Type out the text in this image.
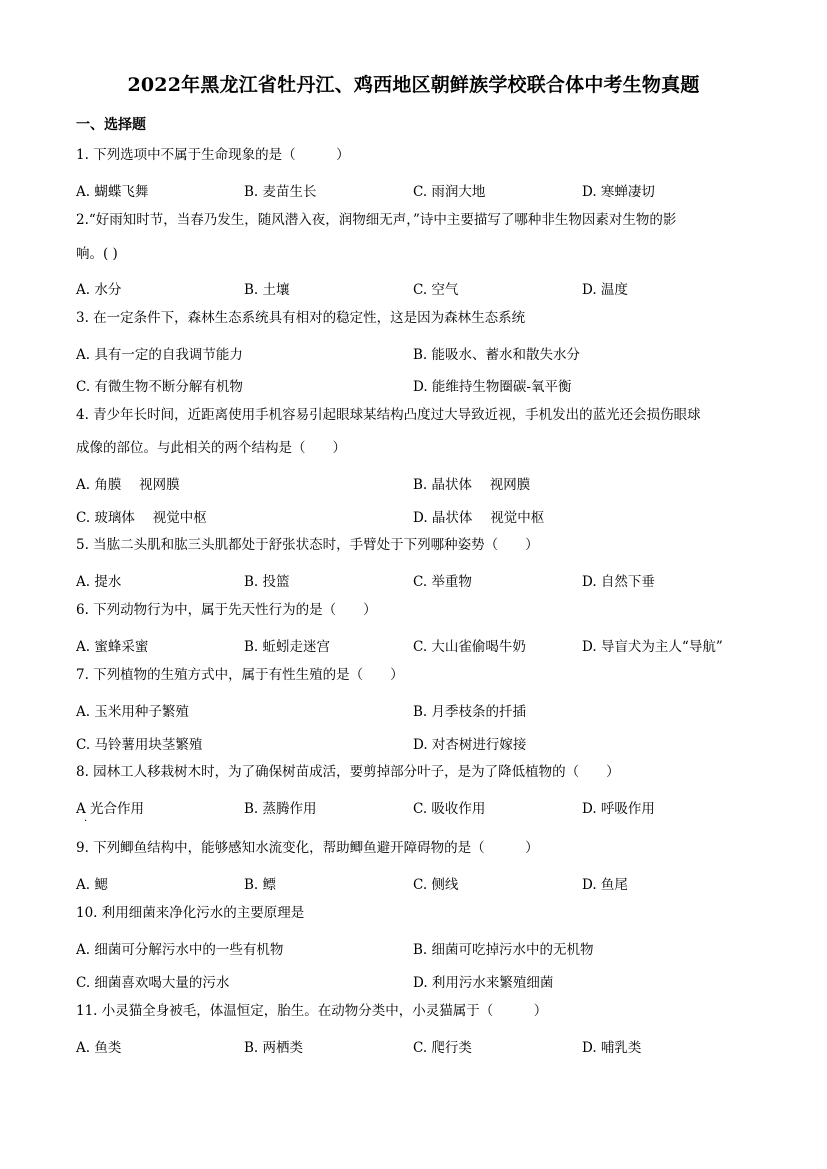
2022年黑龙江省牡丹江、鸡西地区朝鲜族学校联合体中考生物真题
一、选择题
1. 下列选项中不属于生命现象的是（　　　）
A. 蝴蝶飞舞	B. 麦苗生长	C. 雨润大地	D. 寒蝉凄切
2.“好雨知时节，当春乃发生，随风潜入夜，润物细无声，”诗中主要描写了哪种非生物因素对生物的影
响。( )
A. 水分	B. 土壤	C. 空气	D. 温度
3. 在一定条件下，森林生态系统具有相对的稳定性，这是因为森林生态系统
A. 具有一定的自我调节能力	B. 能吸水、蓄水和散失水分
C. 有微生物不断分解有机物	D. 能维持生物圈碳-氧平衡
4. 青少年长时间，近距离使用手机容易引起眼球某结构凸度过大导致近视，手机发出的蓝光还会损伤眼球
成像的部位。与此相关的两个结构是（　　）
A. 角膜　 视网膜	B. 晶状体　 视网膜
C. 玻璃体　 视觉中枢	D. 晶状体　 视觉中枢
5. 当肱二头肌和肱三头肌都处于舒张状态时，手臂处于下列哪种姿势（　　）
A. 提水	B. 投篮	C. 举重物	D. 自然下垂
6. 下列动物行为中，属于先天性行为的是（　　）
A. 蜜蜂采蜜	B. 蚯蚓走迷宫	C. 大山雀偷喝牛奶	D. 导盲犬为主人“导航”
7. 下列植物的生殖方式中，属于有性生殖的是（　　）
A. 玉米用种子繁殖	B. 月季枝条的扦插
C. 马铃薯用块茎繁殖	D. 对杏树进行嫁接
8. 园林工人移栽树木时，为了确保树苗成活，要剪掉部分叶子，是为了降低植物的（　　）
A 光合作用	B. 蒸腾作用	C. 吸收作用	D. 呼吸作用
·
9. 下列鲫鱼结构中，能够感知水流变化，帮助鲫鱼避开障碍物的是（　　　）
A. 鳃	B. 鳔	C. 侧线	D. 鱼尾
10. 利用细菌来净化污水的主要原理是
A. 细菌可分解污水中的一些有机物	B. 细菌可吃掉污水中的无机物
C. 细菌喜欢喝大量的污水	D. 利用污水来繁殖细菌
11. 小灵猫全身被毛，体温恒定，胎生。在动物分类中，小灵猫属于（　　　）
A. 鱼类	B. 两栖类	C. 爬行类	D. 哺乳类
